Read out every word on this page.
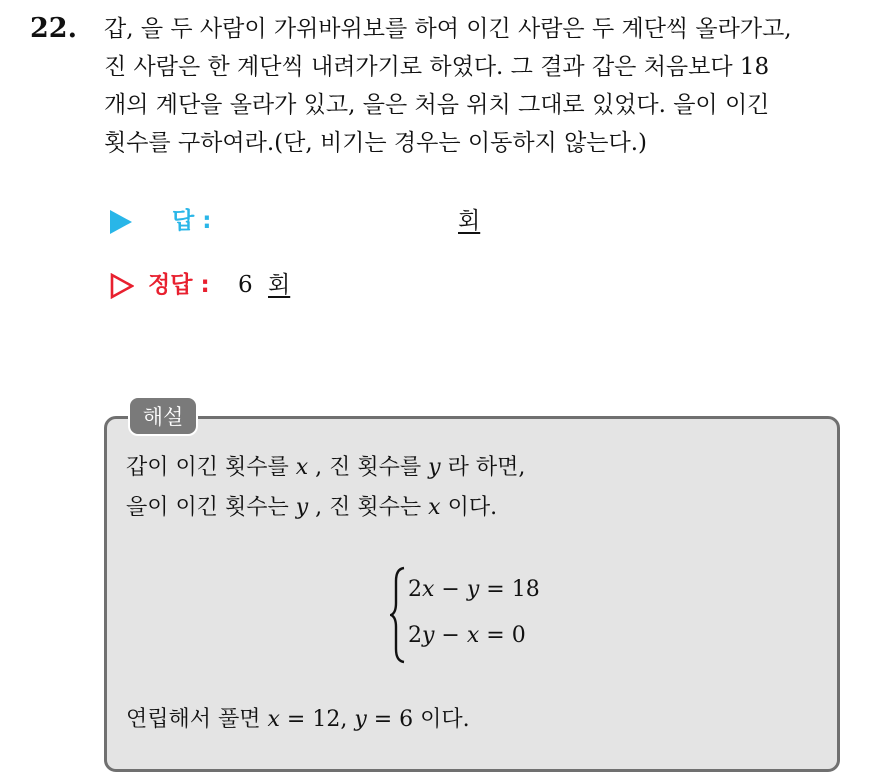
22. 갑, 을 두 사람이 가위바위보를 하여 이긴 사람은 두 계단씩 올라가고,
진 사람은 한 계단씩 내려가기로 하였다. 그 결과 갑은 처음보다 18
개의 계단을 올라가 있고, 을은 처음 위치 그대로 있었다. 을이 이긴
횟수를 구하여라.(단, 비기는 경우는 이동하지 않는다.)
답 :	회
정답 : 6 회
해설
갑이 이긴 횟수를 x , 진 횟수를 y 라 하면,
을이 이긴 횟수는 y , 진 횟수는 x 이다.
2x − y = 18
2y − x = 0
연립해서 풀면 x = 12, y = 6 이다.
